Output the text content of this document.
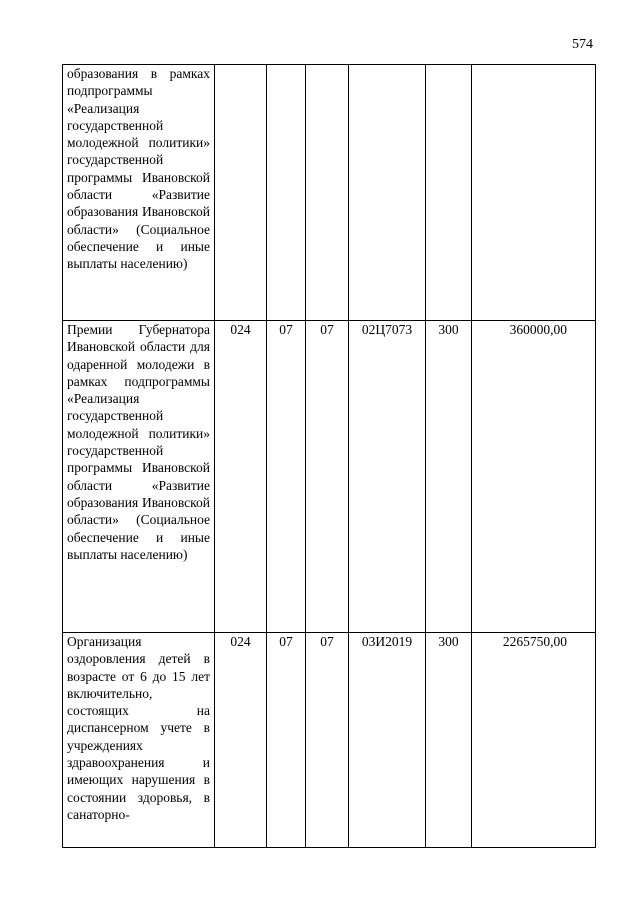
574
образования в рамках подпрограммы «Реализация государственной молодежной политики» государственной программы Ивановской области «Развитие образования Ивановской области» (Социальное обеспечение и иные выплаты населению)						
Премии Губернатора Ивановской области для одаренной молодежи в рамках подпрограммы «Реализация государственной молодежной политики» государственной программы Ивановской области «Развитие образования Ивановской области» (Социальное обеспечение и иные выплаты населению)	024	07	07	02Ц7073	300	360000,00
Организация оздоровления детей в возрасте от 6 до 15 лет включительно, состоящих на диспансерном учете в учреждениях здравоохранения и имеющих нарушения в состоянии здоровья, в санаторно-	024	07	07	03И2019	300	2265750,00
